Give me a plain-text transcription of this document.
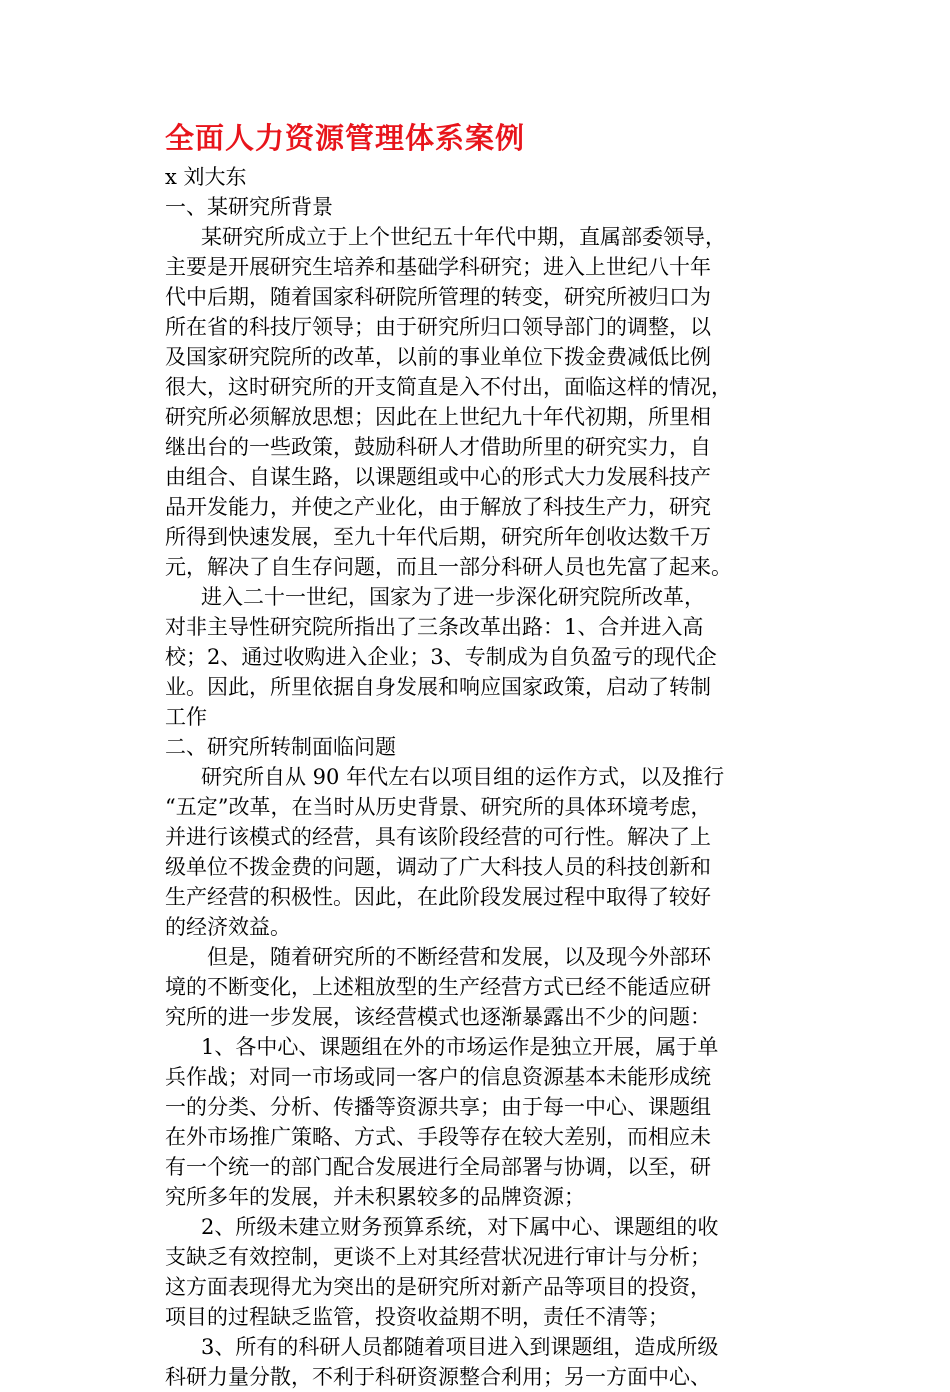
全面人力资源管理体系案例
x 刘大东
一、某研究所背景
某研究所成立于上个世纪五十年代中期，直属部委领导，
主要是开展研究生培养和基础学科研究；进入上世纪八十年
代中后期，随着国家科研院所管理的转变，研究所被归口为
所在省的科技厅领导；由于研究所归口领导部门的调整，以
及国家研究院所的改革，以前的事业单位下拨金费减低比例
很大，这时研究所的开支简直是入不付出，面临这样的情况，
研究所必须解放思想；因此在上世纪九十年代初期，所里相
继出台的一些政策，鼓励科研人才借助所里的研究实力，自
由组合、自谋生路，以课题组或中心的形式大力发展科技产
品开发能力，并使之产业化，由于解放了科技生产力，研究
所得到快速发展，至九十年代后期，研究所年创收达数千万
元，解决了自生存问题，而且一部分科研人员也先富了起来。
进入二十一世纪，国家为了进一步深化研究院所改革，
对非主导性研究院所指出了三条改革出路：1、合并进入高
校；2、通过收购进入企业；3、专制成为自负盈亏的现代企
业。因此，所里依据自身发展和响应国家政策，启动了转制
工作
二、研究所转制面临问题
研究所自从 90 年代左右以项目组的运作方式，以及推行
“五定”改革，在当时从历史背景、研究所的具体环境考虑，
并进行该模式的经营，具有该阶段经营的可行性。解决了上
级单位不拨金费的问题，调动了广大科技人员的科技创新和
生产经营的积极性。因此，在此阶段发展过程中取得了较好
的经济效益。
但是，随着研究所的不断经营和发展，以及现今外部环
境的不断变化，上述粗放型的生产经营方式已经不能适应研
究所的进一步发展，该经营模式也逐渐暴露出不少的问题：
1、各中心、课题组在外的市场运作是独立开展，属于单
兵作战；对同一市场或同一客户的信息资源基本未能形成统
一的分类、分析、传播等资源共享；由于每一中心、课题组
在外市场推广策略、方式、手段等存在较大差别，而相应未
有一个统一的部门配合发展进行全局部署与协调，以至，研
究所多年的发展，并未积累较多的品牌资源；
2、所级未建立财务预算系统，对下属中心、课题组的收
支缺乏有效控制，更谈不上对其经营状况进行审计与分析；
这方面表现得尤为突出的是研究所对新产品等项目的投资，
项目的过程缺乏监管，投资收益期不明，责任不清等；
3、所有的科研人员都随着项目进入到课题组，造成所级
科研力量分散，不利于科研资源整合利用；另一方面中心、
